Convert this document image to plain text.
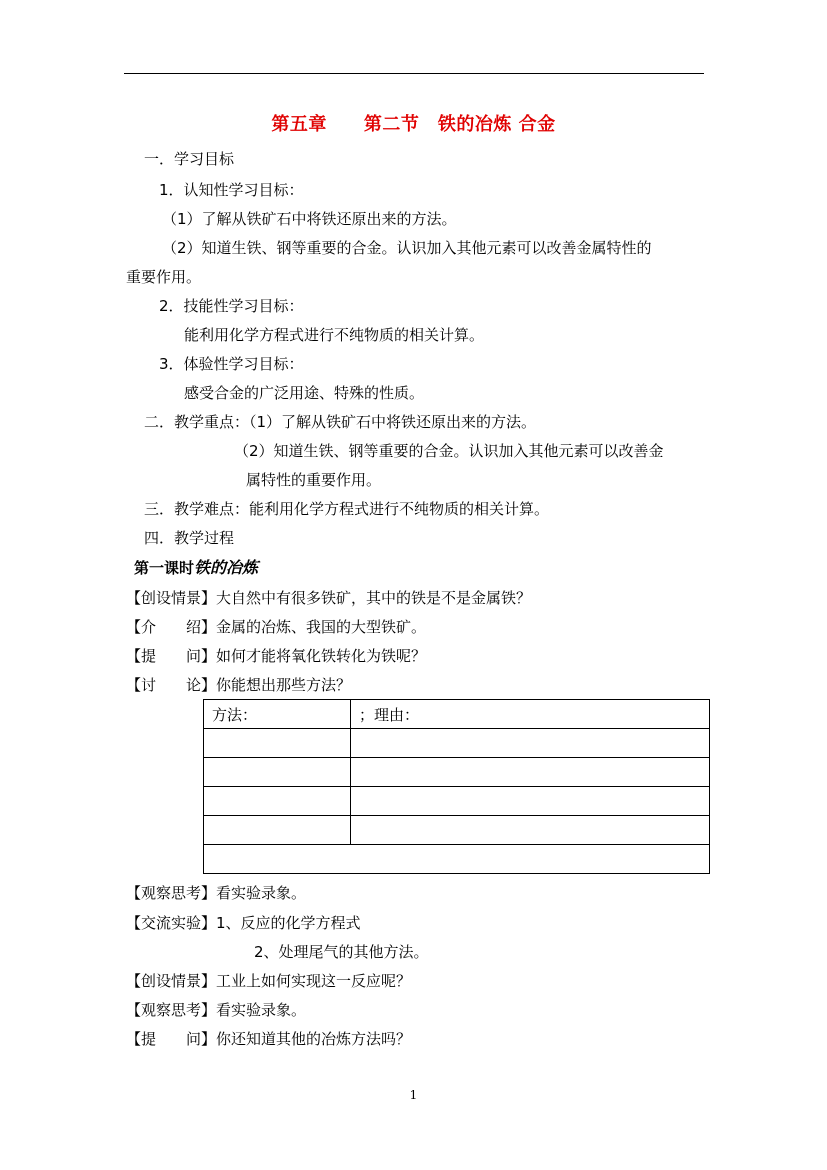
第五章　　第二节　铁的冶炼 合金
一．学习目标
1．认知性学习目标：
（1）了解从铁矿石中将铁还原出来的方法。
（2）知道生铁、钢等重要的合金。认识加入其他元素可以改善金属特性的
重要作用。
2．技能性学习目标：
能利用化学方程式进行不纯物质的相关计算。
3．体验性学习目标：
感受合金的广泛用途、特殊的性质。
二．教学重点：（1）了解从铁矿石中将铁还原出来的方法。
（2）知道生铁、钢等重要的合金。认识加入其他元素可以改善金
属特性的重要作用。
三．教学难点：能利用化学方程式进行不纯物质的相关计算。
四．教学过程
第一课时铁的冶炼
【创设情景】大自然中有很多铁矿，其中的铁是不是金属铁？
【介　　绍】金属的冶炼、我国的大型铁矿。
【提　　问】如何才能将氧化铁转化为铁呢？
【讨　　论】你能想出那些方法？
方法：	；理由：

【观察思考】看实验录象。
【交流实验】1、反应的化学方程式
2、处理尾气的其他方法。
【创设情景】工业上如何实现这一反应呢？
【观察思考】看实验录象。
【提　　问】你还知道其他的冶炼方法吗？
1
